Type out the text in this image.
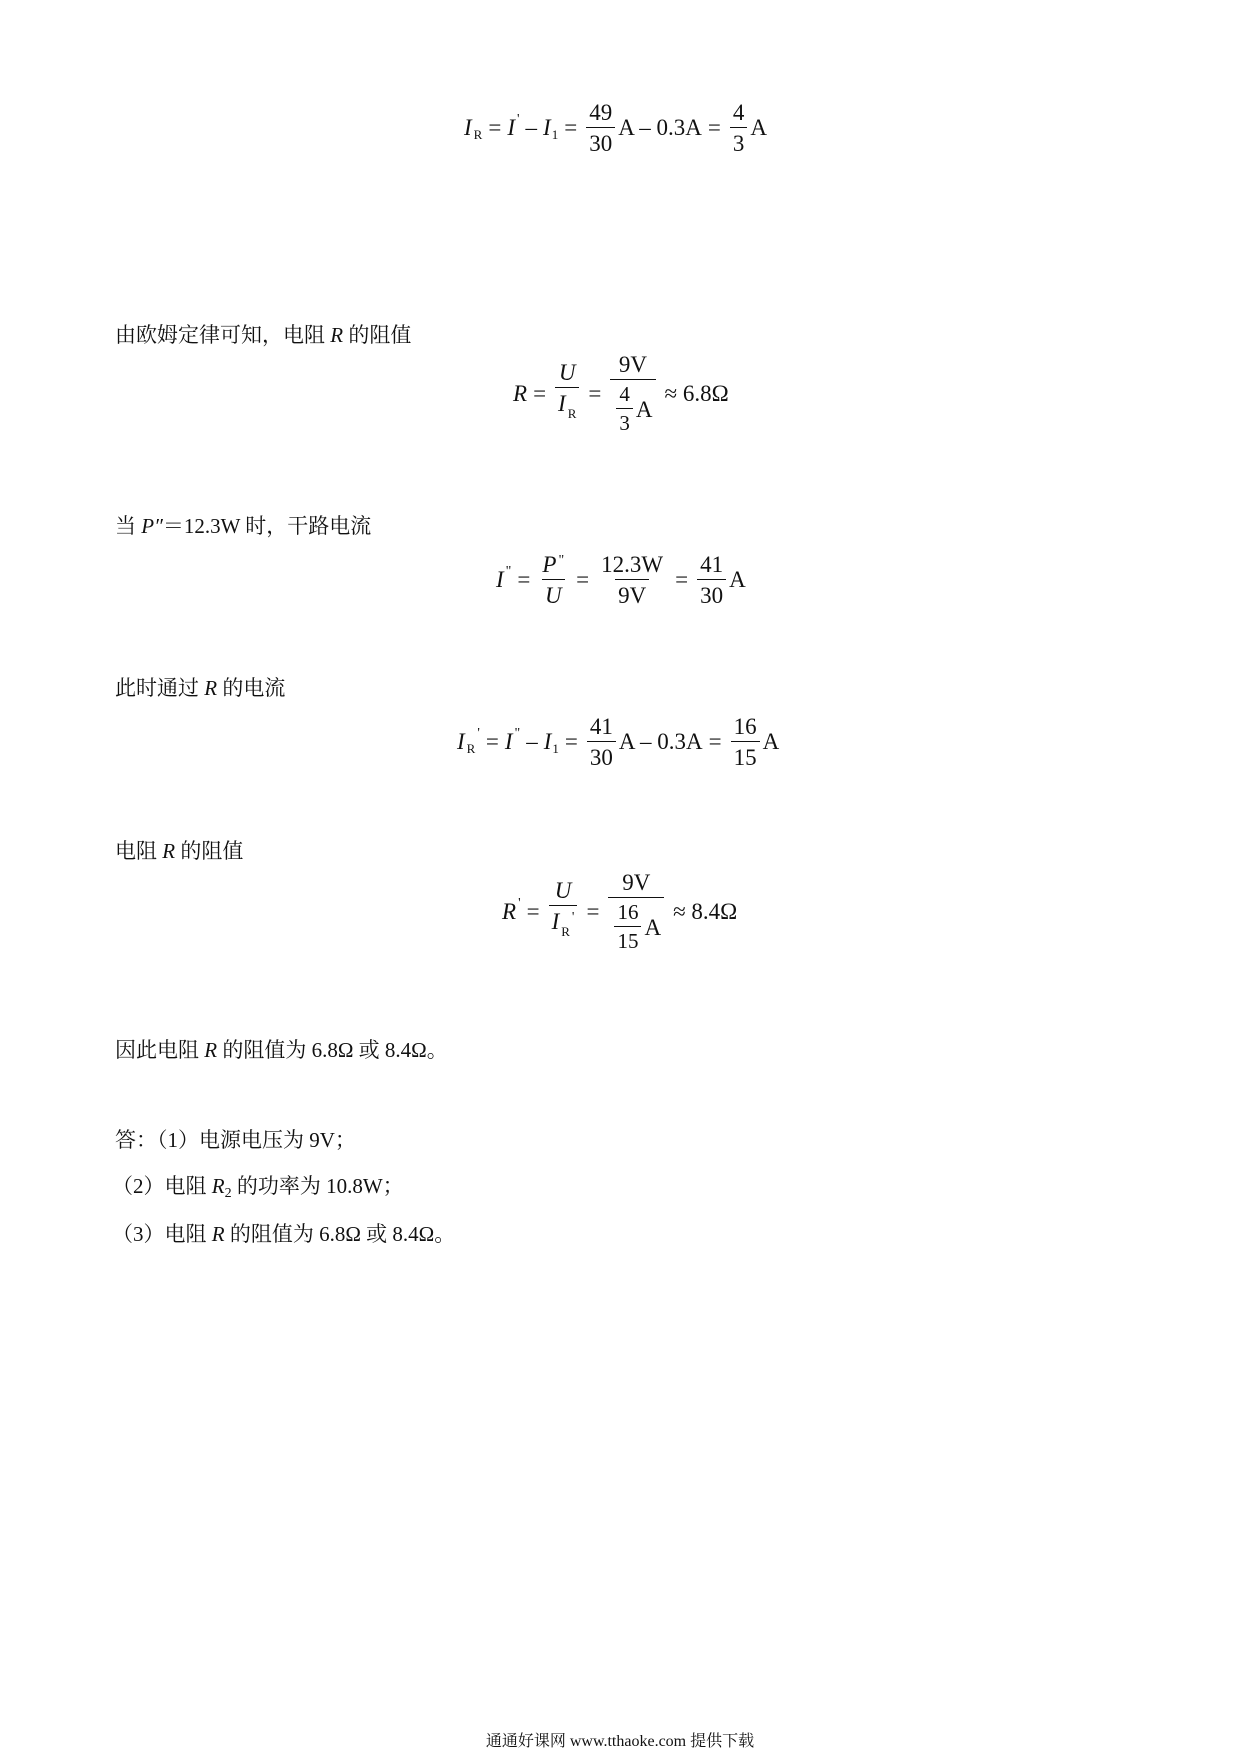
I R = I ' – I $1 = \frac{49}{30}$ $A - 0.3A = \frac{4}{3}$ A
由欧姆定律可知，电阻 R 的阻值
$R = \frac{U}{I _R} = \frac{9V}{\frac{4}{3} A} \approx 6.8\Omega$
当 P″＝12.3W 时，干路电流
I " = $\frac{P ^"}{U} = \frac{12.3W}{9V} = \frac{41}{30}$ A
此时通过 R 的电流
I R
' = I " – I $1 = \frac{41}{30}$ $A - 0.3A = \frac{16}{15}$ A
电阻 R 的阻值
R ' = $\frac{U}{I _R'} = \frac{9V}{\frac{16}{15} A} \approx 8.4\Omega$
因此电阻 R 的阻值为 6.8Ω 或 8.4Ω。
答：（1）电源电压为 9V；
（2）电阻 R2 的功率为 10.8W；
（3）电阻 R 的阻值为 6.8Ω 或 8.4Ω。
通通好课网 www.tthaoke.com 提供下载
